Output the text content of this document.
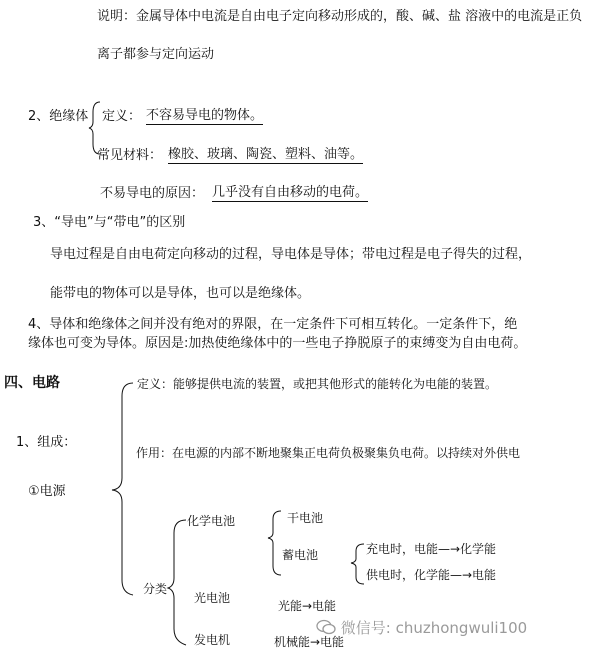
说明：金属导体中电流是自由电子定向移动形成的，酸、碱、盐 溶液中的电流是正负
离子都参与定向运动
2、绝缘体 定义： 不容易导电的物体。
常见材料： 橡胶、玻璃、陶瓷、塑料、油等。
不易导电的原因： 几乎没有自由移动的电荷。
3、“导电”与“带电”的区别
导电过程是自由电荷定向移动的过程，导电体是导体；带电过程是电子得失的过程，
能带电的物体可以是导体，也可以是绝缘体。
4、导体和绝缘体之间并没有绝对的界限，在一定条件下可相互转化。一定条件下，绝
缘体也可变为导体。原因是:加热使绝缘体中的一些电子挣脱原子的束缚变为自由电荷。
四、电路
1、组成：
①电源
定义：能够提供电流的装置，或把其他形式的能转化为电能的装置。
作用：在电源的内部不断地聚集正电荷负极聚集负电荷。以持续对外供电
分类
化学电池	干电池
蓄电池	充电时，电能—→化学能
供电时，化学能—→电能
光电池
光能→电能
发电机	机械能→电能
微信号: chuzhongwuli100
